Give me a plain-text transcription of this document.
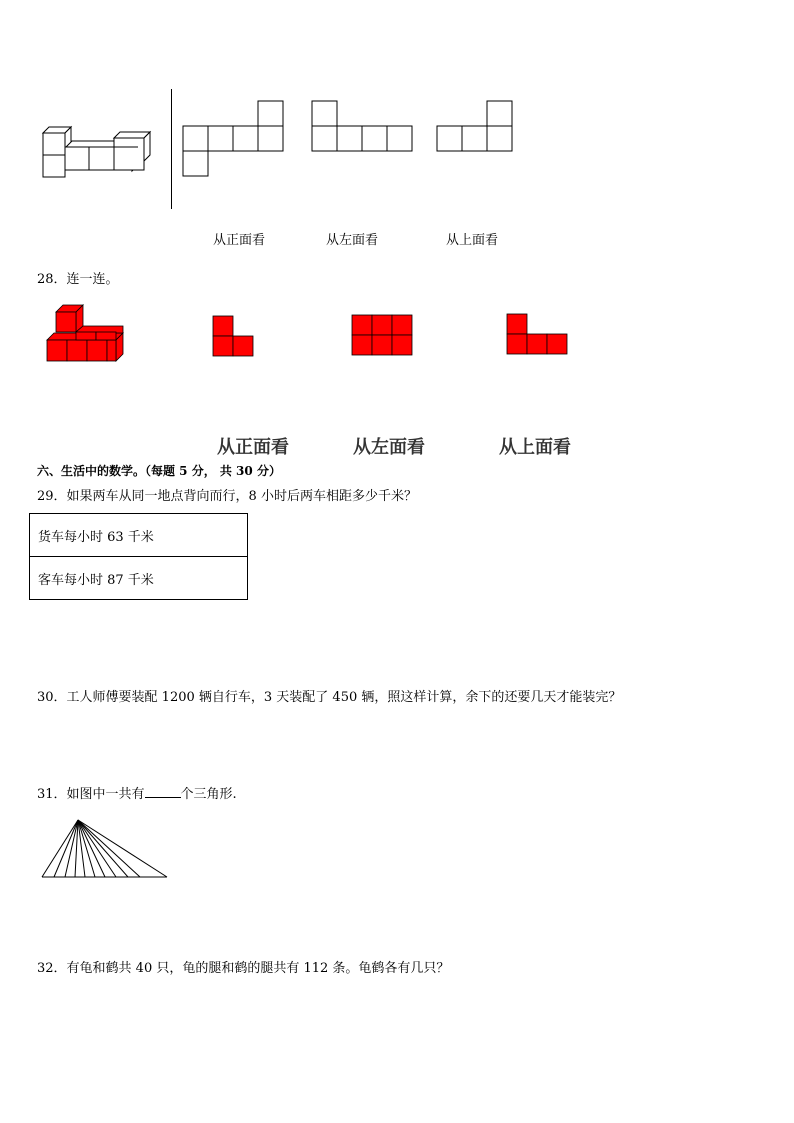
从正面看	从左面看	从上面看
28．连一连。
从正面看	从左面看	从上面看
六、生活中的数学。（每题 5 分， 共 30 分）
29．如果两车从同一地点背向而行，8 小时后两车相距多少千米？
货车每小时 63 千米
客车每小时 87 千米
30．工人师傅要装配 1200 辆自行车，3 天装配了 450 辆，照这样计算，余下的还要几天才能装完？
31．如图中一共有	个三角形.
32．有龟和鹤共 40 只，龟的腿和鹤的腿共有 112 条。龟鹤各有几只？
